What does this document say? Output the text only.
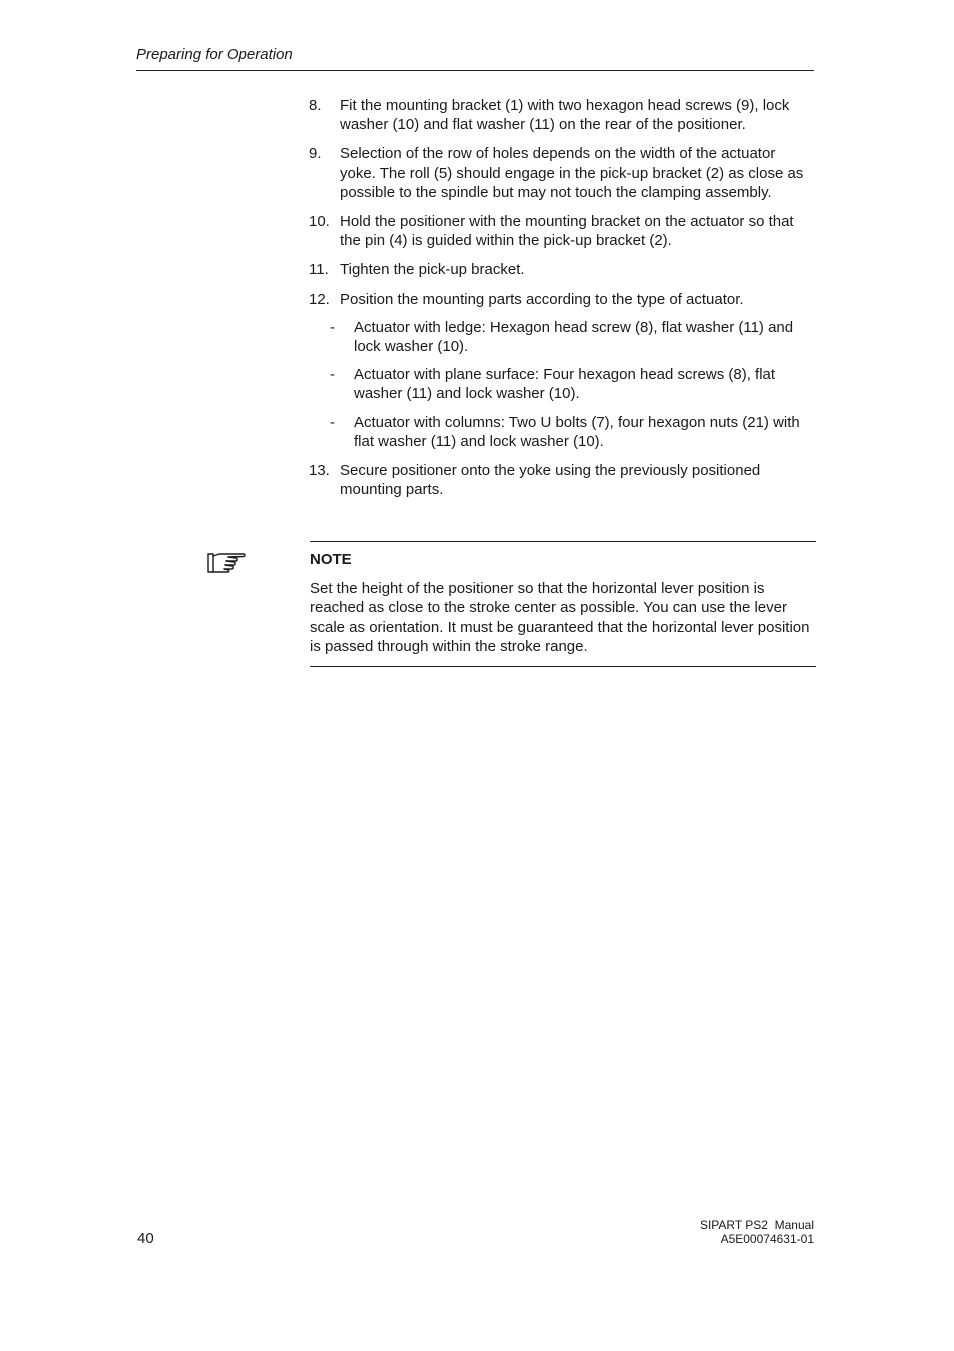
Preparing for Operation
8.	Fit the mounting bracket (1) with two hexagon head screws (9), lock washer (10) and flat washer (11) on the rear of the positioner.
9.	Selection of the row of holes depends on the width of the actuator yoke. The roll (5) should engage in the pick-up bracket (2) as close as possible to the spindle but may not touch the clamping assembly.
10. Hold the positioner with the mounting bracket on the actuator so that the pin (4) is guided within the pick-up bracket (2).
11. Tighten the pick-up bracket.
12. Position the mounting parts according to the type of actuator.
-	Actuator with ledge: Hexagon head screw (8), flat washer (11) and lock washer (10).
-	Actuator with plane surface: Four hexagon head screws (8), flat washer (11) and lock washer (10).
-	Actuator with columns: Two U bolts (7), four hexagon nuts (21) with flat washer (11) and lock washer (10).
13. Secure positioner onto the yoke using the previously positioned mounting parts.
NOTE
Set the height of the positioner so that the horizontal lever position is reached as close to the stroke center as possible. You can use the lever scale as orientation. It must be guaranteed that the horizontal lever position is passed through within the stroke range.
40
SIPART PS2  Manual
A5E00074631-01
